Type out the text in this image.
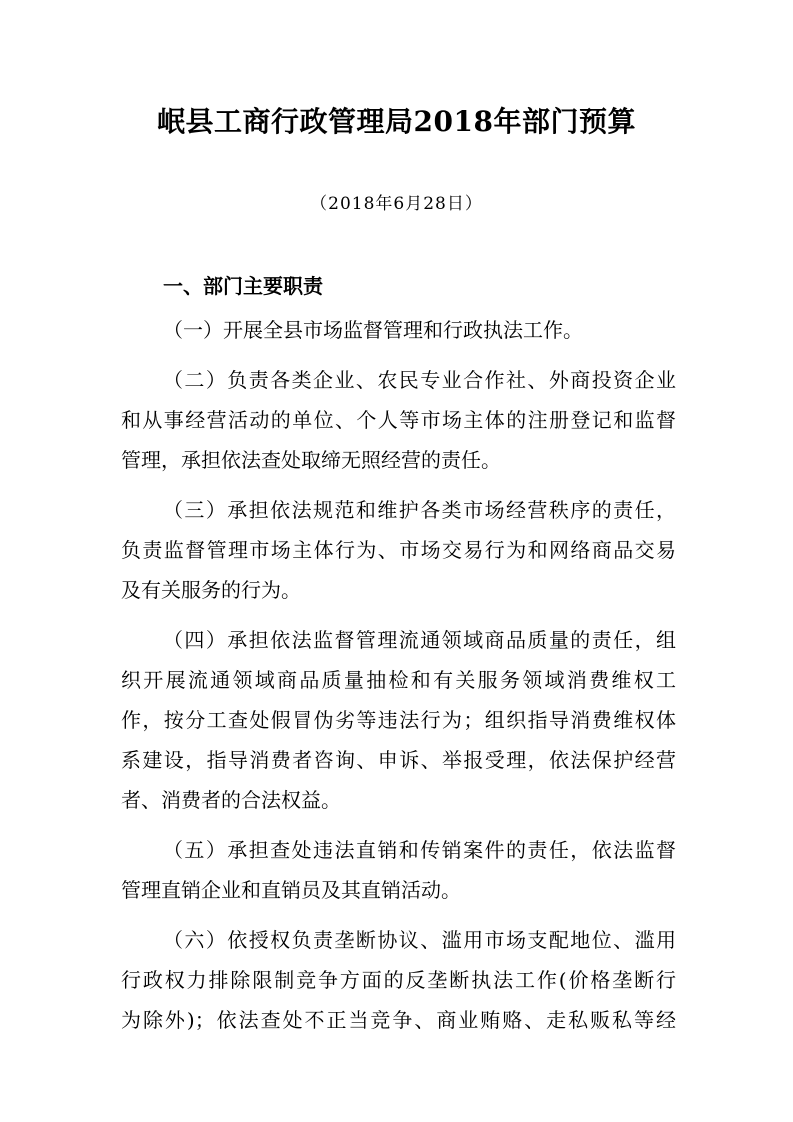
岷县工商行政管理局2018年部门预算
（2018年6月28日）
一、部门主要职责
（一）开展全县市场监督管理和行政执法工作。
（二）负责各类企业、农民专业合作社、外商投资企业
和从事经营活动的单位、个人等市场主体的注册登记和监督
管理，承担依法查处取缔无照经营的责任。
（三）承担依法规范和维护各类市场经营秩序的责任，
负责监督管理市场主体行为、市场交易行为和网络商品交易
及有关服务的行为。
（四）承担依法监督管理流通领域商品质量的责任，组
织开展流通领域商品质量抽检和有关服务领域消费维权工
作，按分工查处假冒伪劣等违法行为；组织指导消费维权体
系建设，指导消费者咨询、申诉、举报受理，依法保护经营
者、消费者的合法权益。
（五）承担查处违法直销和传销案件的责任，依法监督
管理直销企业和直销员及其直销活动。
（六）依授权负责垄断协议、滥用市场支配地位、滥用
行政权力排除限制竞争方面的反垄断执法工作(价格垄断行
为除外)；依法查处不正当竞争、商业贿赂、走私贩私等经
